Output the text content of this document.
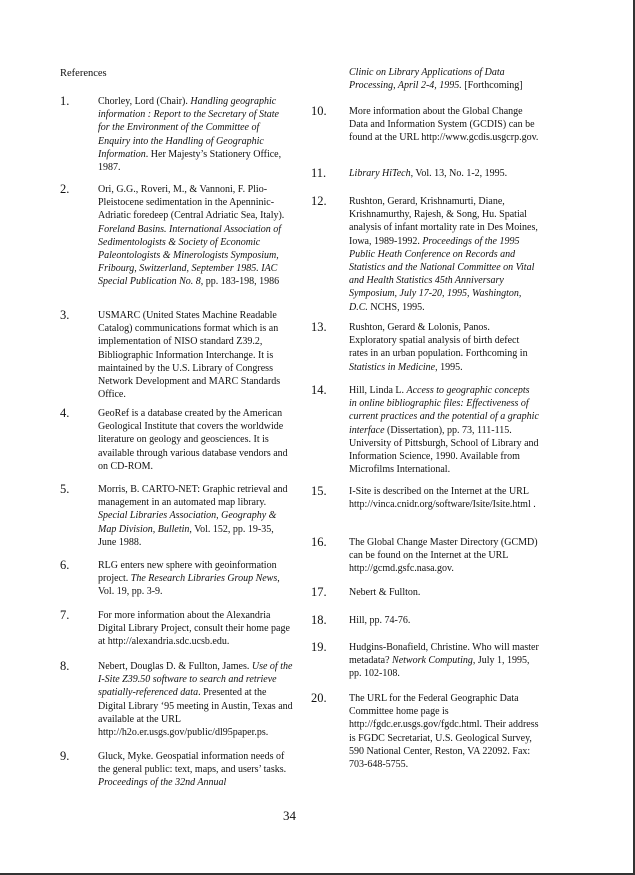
References	Clinic on Library Applications of Data Processing, April 2-4, 1995. [Forthcoming]
1.	Chorley, Lord (Chair). Handling geographic information : Report to the Secretary of State for the Environment of the Committee of Enquiry into the Handling of Geographic Information. Her Majesty’s Stationery Office, 1987.
2.	Ori, G.G., Roveri, M., & Vannoni, F. Plio-Pleistocene sedimentation in the Apenninic-Adriatic foredeep (Central Adriatic Sea, Italy). Foreland Basins. International Association of Sedimentologists & Society of Economic Paleontologists & Minerologists Symposium, Fribourg, Switzerland, September 1985. IAC Special Publication No. 8, pp. 183-198, 1986
3.	USMARC (United States Machine Readable Catalog) communications format which is an implementation of NISO standard Z39.2, Bibliographic Information Interchange. It is maintained by the U.S. Library of Congress Network Development and MARC Standards Office.
4.	GeoRef is a database created by the American Geological Institute that covers the worldwide literature on geology and geosciences. It is available through various database vendors and on CD-ROM.
5.	Morris, B. CARTO-NET: Graphic retrieval and management in an automated map library. Special Libraries Association, Geography & Map Division, Bulletin, Vol. 152, pp. 19-35, June 1988.
6.	RLG enters new sphere with geoinformation project. The Research Libraries Group News, Vol. 19, pp. 3-9.
7.	For more information about the Alexandria Digital Library Project, consult their home page at http://alexandria.sdc.ucsb.edu.
8.	Nebert, Douglas D. & Fullton, James. Use of the I-Site Z39.50 software to search and retrieve spatially-referenced data. Presented at the Digital Library ‘95 meeting in Austin, Texas and available at the URL http://h2o.er.usgs.gov/public/dl95paper.ps.
9.	Gluck, Myke. Geospatial information needs of the general public: text, maps, and users’ tasks. Proceedings of the 32nd Annual
10. More information about the Global Change Data and Information System (GCDIS) can be found at the URL http://www.gcdis.usgcrp.gov.
11. Library HiTech, Vol. 13, No. 1-2, 1995.
12. Rushton, Gerard, Krishnamurti, Diane, Krishnamurthy, Rajesh, & Song, Hu. Spatial analysis of infant mortality rate in Des Moines, Iowa, 1989-1992. Proceedings of the 1995 Public Heath Conference on Records and Statistics and the National Committee on Vital and Health Statistics 45th Anniversary Symposium, July 17-20, 1995, Washington, D.C. NCHS, 1995.
13. Rushton, Gerard & Lolonis, Panos. Exploratory spatial analysis of birth defect rates in an urban population. Forthcoming in Statistics in Medicine, 1995.
14. Hill, Linda L. Access to geographic concepts in online bibliographic files: Effectiveness of current practices and the potential of a graphic interface (Dissertation), pp. 73, 111-115. University of Pittsburgh, School of Library and Information Science, 1990. Available from Microfilms International.
15. I-Site is described on the Internet at the URL http://vinca.cnidr.org/software/Isite/Isite.html .
16. The Global Change Master Directory (GCMD) can be found on the Internet at the URL http://gcmd.gsfc.nasa.gov.
17. Nebert & Fullton.
18. Hill, pp. 74-76.
19. Hudgins-Bonafield, Christine. Who will master metadata? Network Computing, July 1, 1995, pp. 102-108.
20. The URL for the Federal Geographic Data Committee home page is http://fgdc.er.usgs.gov/fgdc.html. Their address is FGDC Secretariat, U.S. Geological Survey, 590 National Center, Reston, VA 22092. Fax: 703-648-5755.
34
